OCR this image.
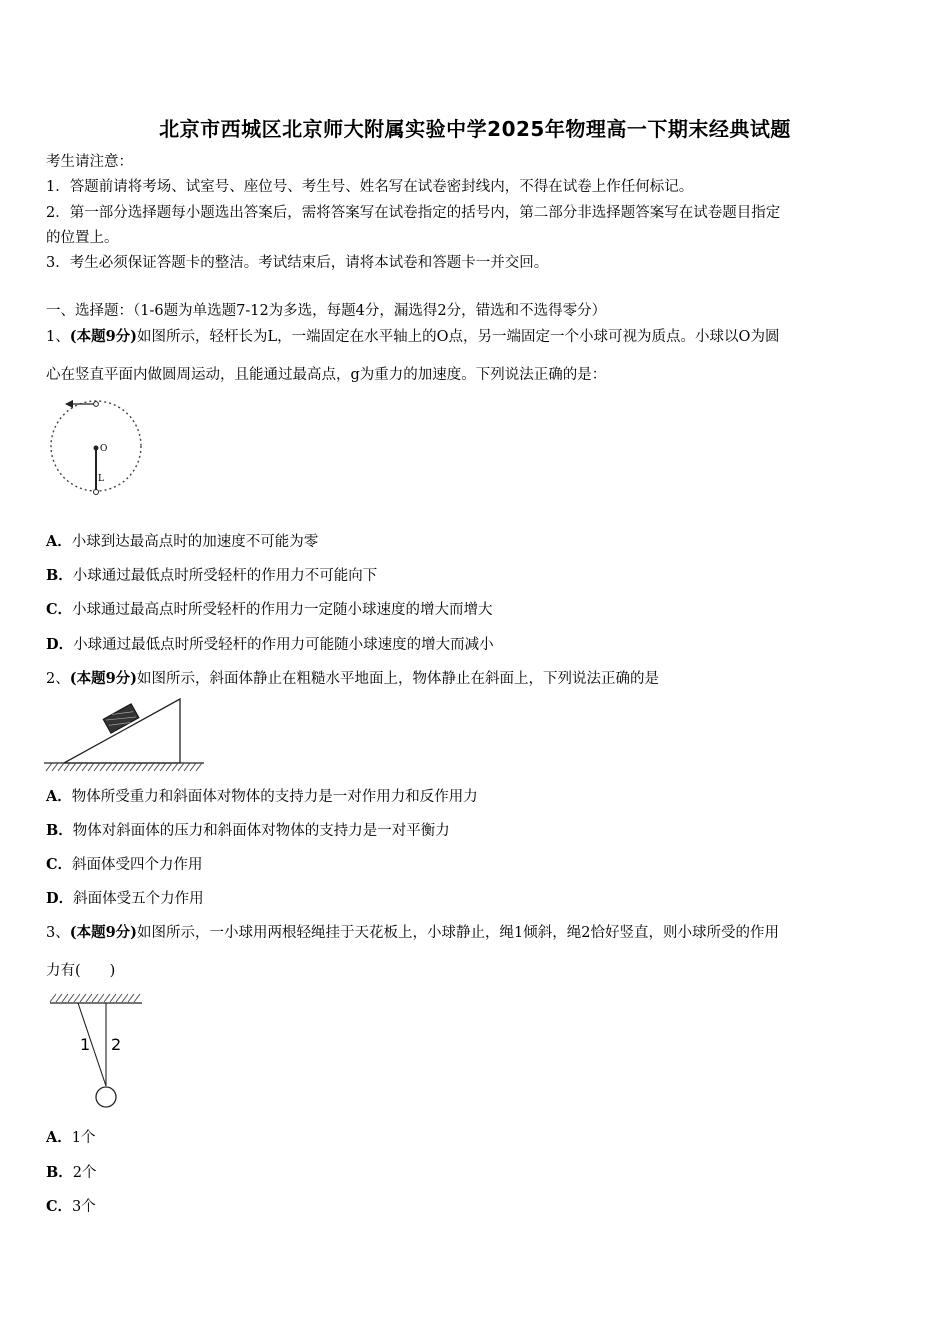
北京市西城区北京师大附属实验中学2025年物理高一下期末经典试题
考生请注意：
1．答题前请将考场、试室号、座位号、考生号、姓名写在试卷密封线内，不得在试卷上作任何标记。
2．第一部分选择题每小题选出答案后，需将答案写在试卷指定的括号内，第二部分非选择题答案写在试卷题目指定
的位置上。
3．考生必须保证答题卡的整洁。考试结束后，请将本试卷和答题卡一并交回。
一、选择题：（1-6题为单选题7-12为多选，每题4分，漏选得2分，错选和不选得零分）
1、(本题9分)如图所示，轻杆长为L，一端固定在水平轴上的O点，另一端固定一个小球可视为质点。小球以O为圆
心在竖直平面内做圆周运动，且能通过最高点，g为重力的加速度。下列说法正确的是：
O
L
A．小球到达最高点时的加速度不可能为零
B．小球通过最低点时所受轻杆的作用力不可能向下
C．小球通过最高点时所受轻杆的作用力一定随小球速度的增大而增大
D．小球通过最低点时所受轻杆的作用力可能随小球速度的增大而减小
2、(本题9分)如图所示，斜面体静止在粗糙水平地面上，物体静止在斜面上，下列说法正确的是
A．物体所受重力和斜面体对物体的支持力是一对作用力和反作用力
B．物体对斜面体的压力和斜面体对物体的支持力是一对平衡力
C．斜面体受四个力作用
D．斜面体受五个力作用
3、(本题9分)如图所示，一小球用两根轻绳挂于天花板上，小球静止，绳1倾斜，绳2恰好竖直，则小球所受的作用
力有(　　)
1 2
A．1个
B．2个
C．3个
